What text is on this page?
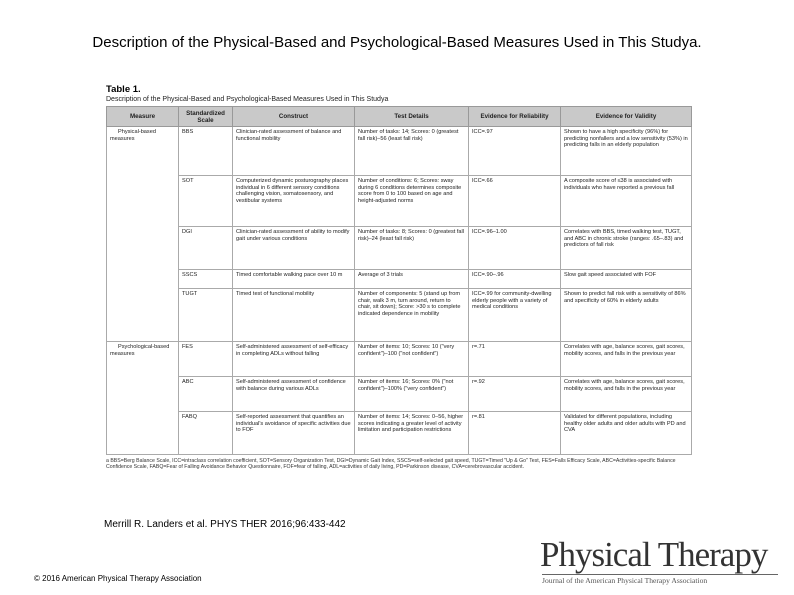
Description of the Physical-Based and Psychological-Based Measures Used in This Studya.
Table 1.
Description of the Physical-Based and Psychological-Based Measures Used in This Studya
Measure	Standardized Scale	Construct	Test Details	Evidence for Reliability	Evidence for Validity
Physical-based measures	BBS	Clinician-rated assessment of balance and functional mobility	Number of tasks: 14; Scores: 0 (greatest fall risk)–56 (least fall risk)	ICC=.97	Shown to have a high specificity (96%) for predicting nonfallers and a low sensitivity (53%) in predicting falls in an elderly population
	SOT	Computerized dynamic posturography places individual in 6 different sensory conditions challenging vision, somatosensory, and vestibular systems	Number of conditions: 6; Scores: sway during 6 conditions determines composite score from 0 to 100 based on age and height-adjusted norms	ICC=.66	A composite score of ≤38 is associated with individuals who have reported a previous fall
	DGI	Clinician-rated assessment of ability to modify gait under various conditions	Number of tasks: 8; Scores: 0 (greatest fall risk)–24 (least fall risk)	ICC=.96–1.00	Correlates with BBS, timed walking test, TUGT, and ABC in chronic stroke (ranges: .65–.83) and predictors of fall risk
	SSCS	Timed comfortable walking pace over 10 m	Average of 3 trials	ICC=.90–.96	Slow gait speed associated with FOF
	TUGT	Timed test of functional mobility	Number of components: 5 (stand up from chair, walk 3 m, turn around, return to chair, sit down); Score: >30 s to complete indicated dependence in mobility	ICC=.99 for community-dwelling elderly people with a variety of medical conditions	Shown to predict fall risk with a sensitivity of 86% and specificity of 60% in elderly adults
Psychological-based measures	FES	Self-administered assessment of self-efficacy in completing ADLs without falling	Number of items: 10; Scores: 10 ("very confident")–100 ("not confident")	r=.71	Correlates with age, balance scores, gait scores, mobility scores, and falls in the previous year
	ABC	Self-administered assessment of confidence with balance during various ADLs	Number of items: 16; Scores: 0% ("not confident")–100% ("very confident")	r=.92	Correlates with age, balance scores, gait scores, mobility scores, and falls in the previous year
	FABQ	Self-reported assessment that quantifies an individual's avoidance of specific activities due to FOF	Number of items: 14; Scores: 0–56, higher scores indicating a greater level of activity limitation and participation restrictions	r=.81	Validated for different populations, including healthy older adults and older adults with PD and CVA
a BBS=Berg Balance Scale, ICC=intraclass correlation coefficient, SOT=Sensory Organization Test, DGI=Dynamic Gait Index, SSCS=self-selected gait speed, TUGT=Timed "Up & Go" Test, FES=Falls Efficacy Scale, ABC=Activities-specific Balance Confidence Scale, FABQ=Fear of Falling Avoidance Behavior Questionnaire, FOF=fear of falling, ADL=activities of daily living, PD=Parkinson disease, CVA=cerebrovascular accident.
Merrill R. Landers et al. PHYS THER 2016;96:433-442
© 2016 American Physical Therapy Association
Physical Therapy
Journal of the American Physical Therapy Association
